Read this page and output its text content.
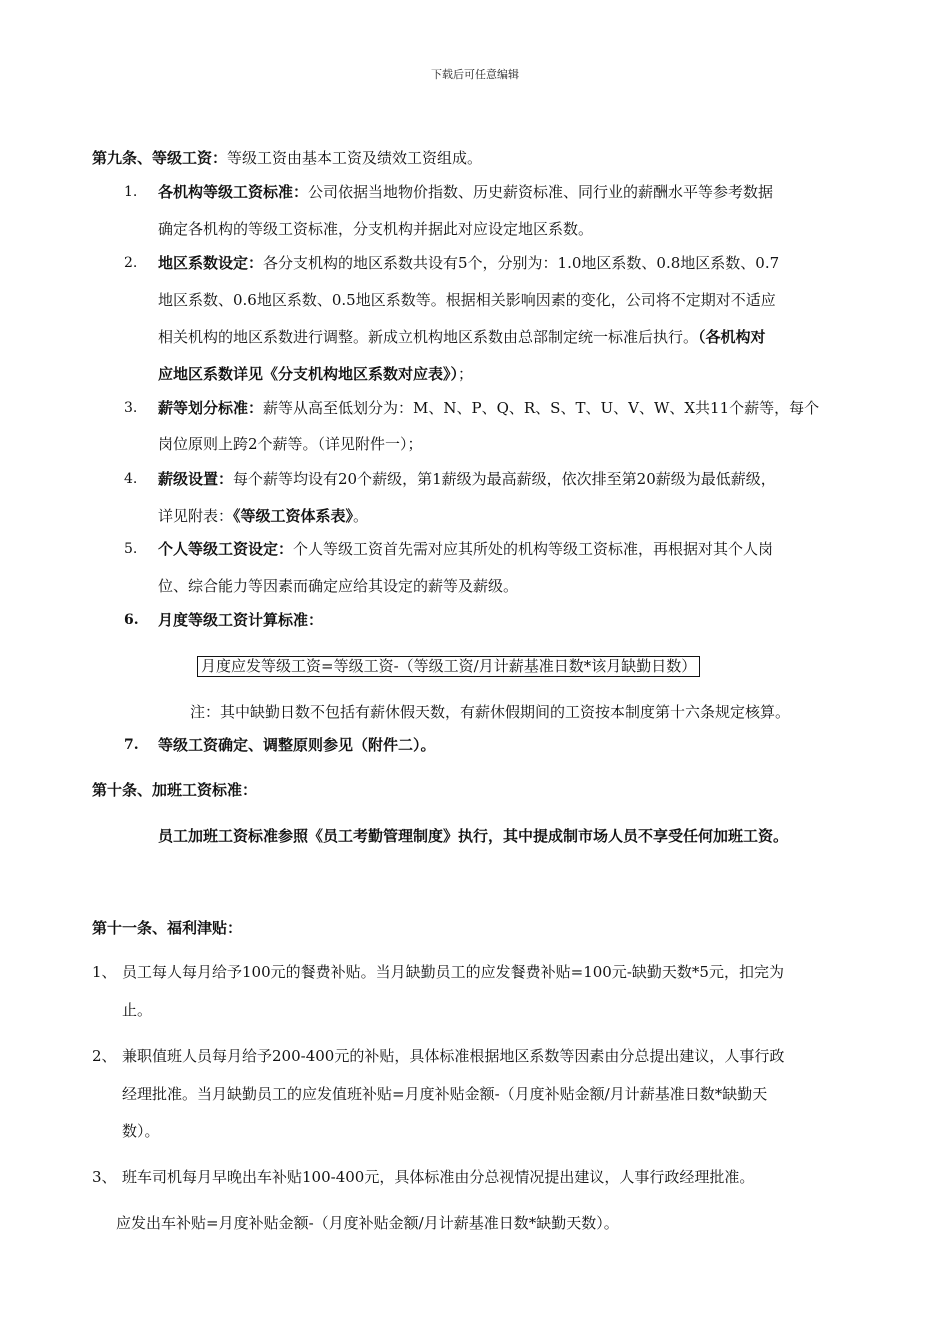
下载后可任意编辑
第九条、等级工资：等级工资由基本工资及绩效工资组成。
1. 各机构等级工资标准：公司依据当地物价指数、历史薪资标准、同行业的薪酬水平等参考数据
确定各机构的等级工资标准，分支机构并据此对应设定地区系数。
2. 地区系数设定：各分支机构的地区系数共设有5个，分别为：1.0地区系数、0.8地区系数、0.7
地区系数、0.6地区系数、0.5地区系数等。根据相关影响因素的变化，公司将不定期对不适应
相关机构的地区系数进行调整。新成立机构地区系数由总部制定统一标准后执行。（各机构对
应地区系数详见《分支机构地区系数对应表》）；
3. 薪等划分标准：薪等从高至低划分为：M、N、P、Q、R、S、T、U、V、W、X共11个薪等，每个
岗位原则上跨2个薪等。（详见附件一）；
4. 薪级设置：每个薪等均设有20个薪级，第1薪级为最高薪级，依次排至第20薪级为最低薪级，
详见附表：《等级工资体系表》。
5. 个人等级工资设定：个人等级工资首先需对应其所处的机构等级工资标准，再根据对其个人岗
位、综合能力等因素而确定应给其设定的薪等及薪级。
6. 月度等级工资计算标准：
月度应发等级工资=等级工资-（等级工资/月计薪基准日数*该月缺勤日数）
注：其中缺勤日数不包括有薪休假天数，有薪休假期间的工资按本制度第十六条规定核算。
7. 等级工资确定、调整原则参见（附件二）。
第十条、加班工资标准：
员工加班工资标准参照《员工考勤管理制度》执行，其中提成制市场人员不享受任何加班工资。
第十一条、福利津贴：
1、 员工每人每月给予100元的餐费补贴。当月缺勤员工的应发餐费补贴=100元-缺勤天数*5元，扣完为
止。
2、 兼职值班人员每月给予200-400元的补贴，具体标准根据地区系数等因素由分总提出建议，人事行政
经理批准。当月缺勤员工的应发值班补贴=月度补贴金额-（月度补贴金额/月计薪基准日数*缺勤天
数）。
3、 班车司机每月早晚出车补贴100-400元，具体标准由分总视情况提出建议，人事行政经理批准。
应发出车补贴=月度补贴金额-（月度补贴金额/月计薪基准日数*缺勤天数）。
